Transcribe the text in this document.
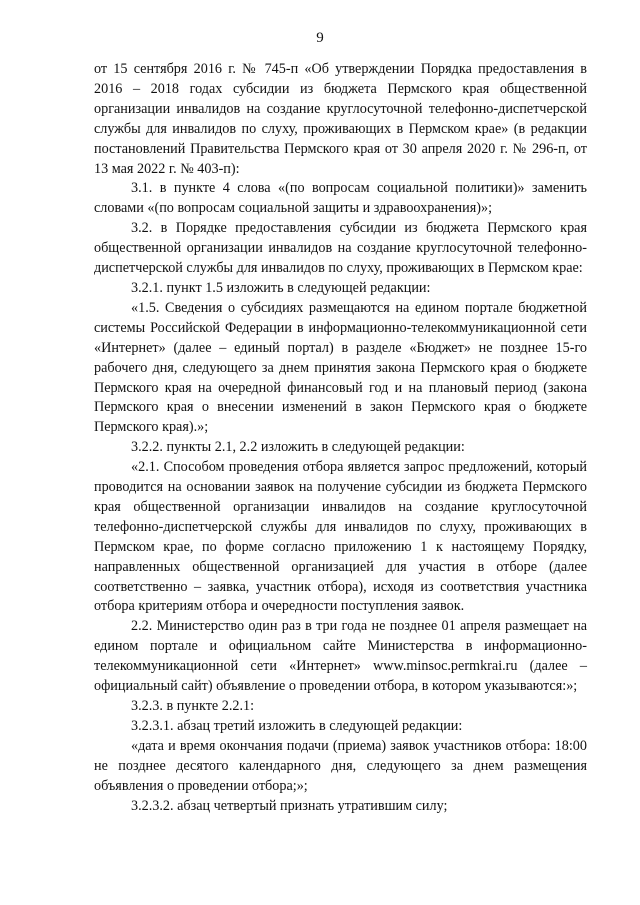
9

от 15 сентября 2016 г. № 745-п «Об утверждении Порядка предоставления в 2016 – 2018 годах субсидии из бюджета Пермского края общественной организации инвалидов на создание круглосуточной телефонно-диспетчерской службы для инвалидов по слуху, проживающих в Пермском крае» (в редакции постановлений Правительства Пермского края от 30 апреля 2020 г. № 296-п, от 13 мая 2022 г. № 403-п):

3.1. в пункте 4 слова «(по вопросам социальной политики)» заменить словами «(по вопросам социальной защиты и здравоохранения)»;

3.2. в Порядке предоставления субсидии из бюджета Пермского края общественной организации инвалидов на создание круглосуточной телефонно-диспетчерской службы для инвалидов по слуху, проживающих в Пермском крае:

3.2.1. пункт 1.5 изложить в следующей редакции:

«1.5. Сведения о субсидиях размещаются на едином портале бюджетной системы Российской Федерации в информационно-телекоммуникационной сети «Интернет» (далее – единый портал) в разделе «Бюджет» не позднее 15-го рабочего дня, следующего за днем принятия закона Пермского края о бюджете Пермского края на очередной финансовый год и на плановый период (закона Пермского края о внесении изменений в закон Пермского края о бюджете Пермского края).»;

3.2.2. пункты 2.1, 2.2 изложить в следующей редакции:

«2.1. Способом проведения отбора является запрос предложений, который проводится на основании заявок на получение субсидии из бюджета Пермского края общественной организации инвалидов на создание круглосуточной телефонно-диспетчерской службы для инвалидов по слуху, проживающих в Пермском крае, по форме согласно приложению 1 к настоящему Порядку, направленных общественной организацией для участия в отборе (далее соответственно – заявка, участник отбора), исходя из соответствия участника отбора критериям отбора и очередности поступления заявок.

2.2. Министерство один раз в три года не позднее 01 апреля размещает на едином портале и официальном сайте Министерства в информационно-телекоммуникационной сети «Интернет» www.minsoc.permkrai.ru (далее – официальный сайт) объявление о проведении отбора, в котором указываются:»;

3.2.3. в пункте 2.2.1:

3.2.3.1. абзац третий изложить в следующей редакции:

«дата и время окончания подачи (приема) заявок участников отбора: 18:00 не позднее десятого календарного дня, следующего за днем размещения объявления о проведении отбора;»;

3.2.3.2. абзац четвертый признать утратившим силу;
